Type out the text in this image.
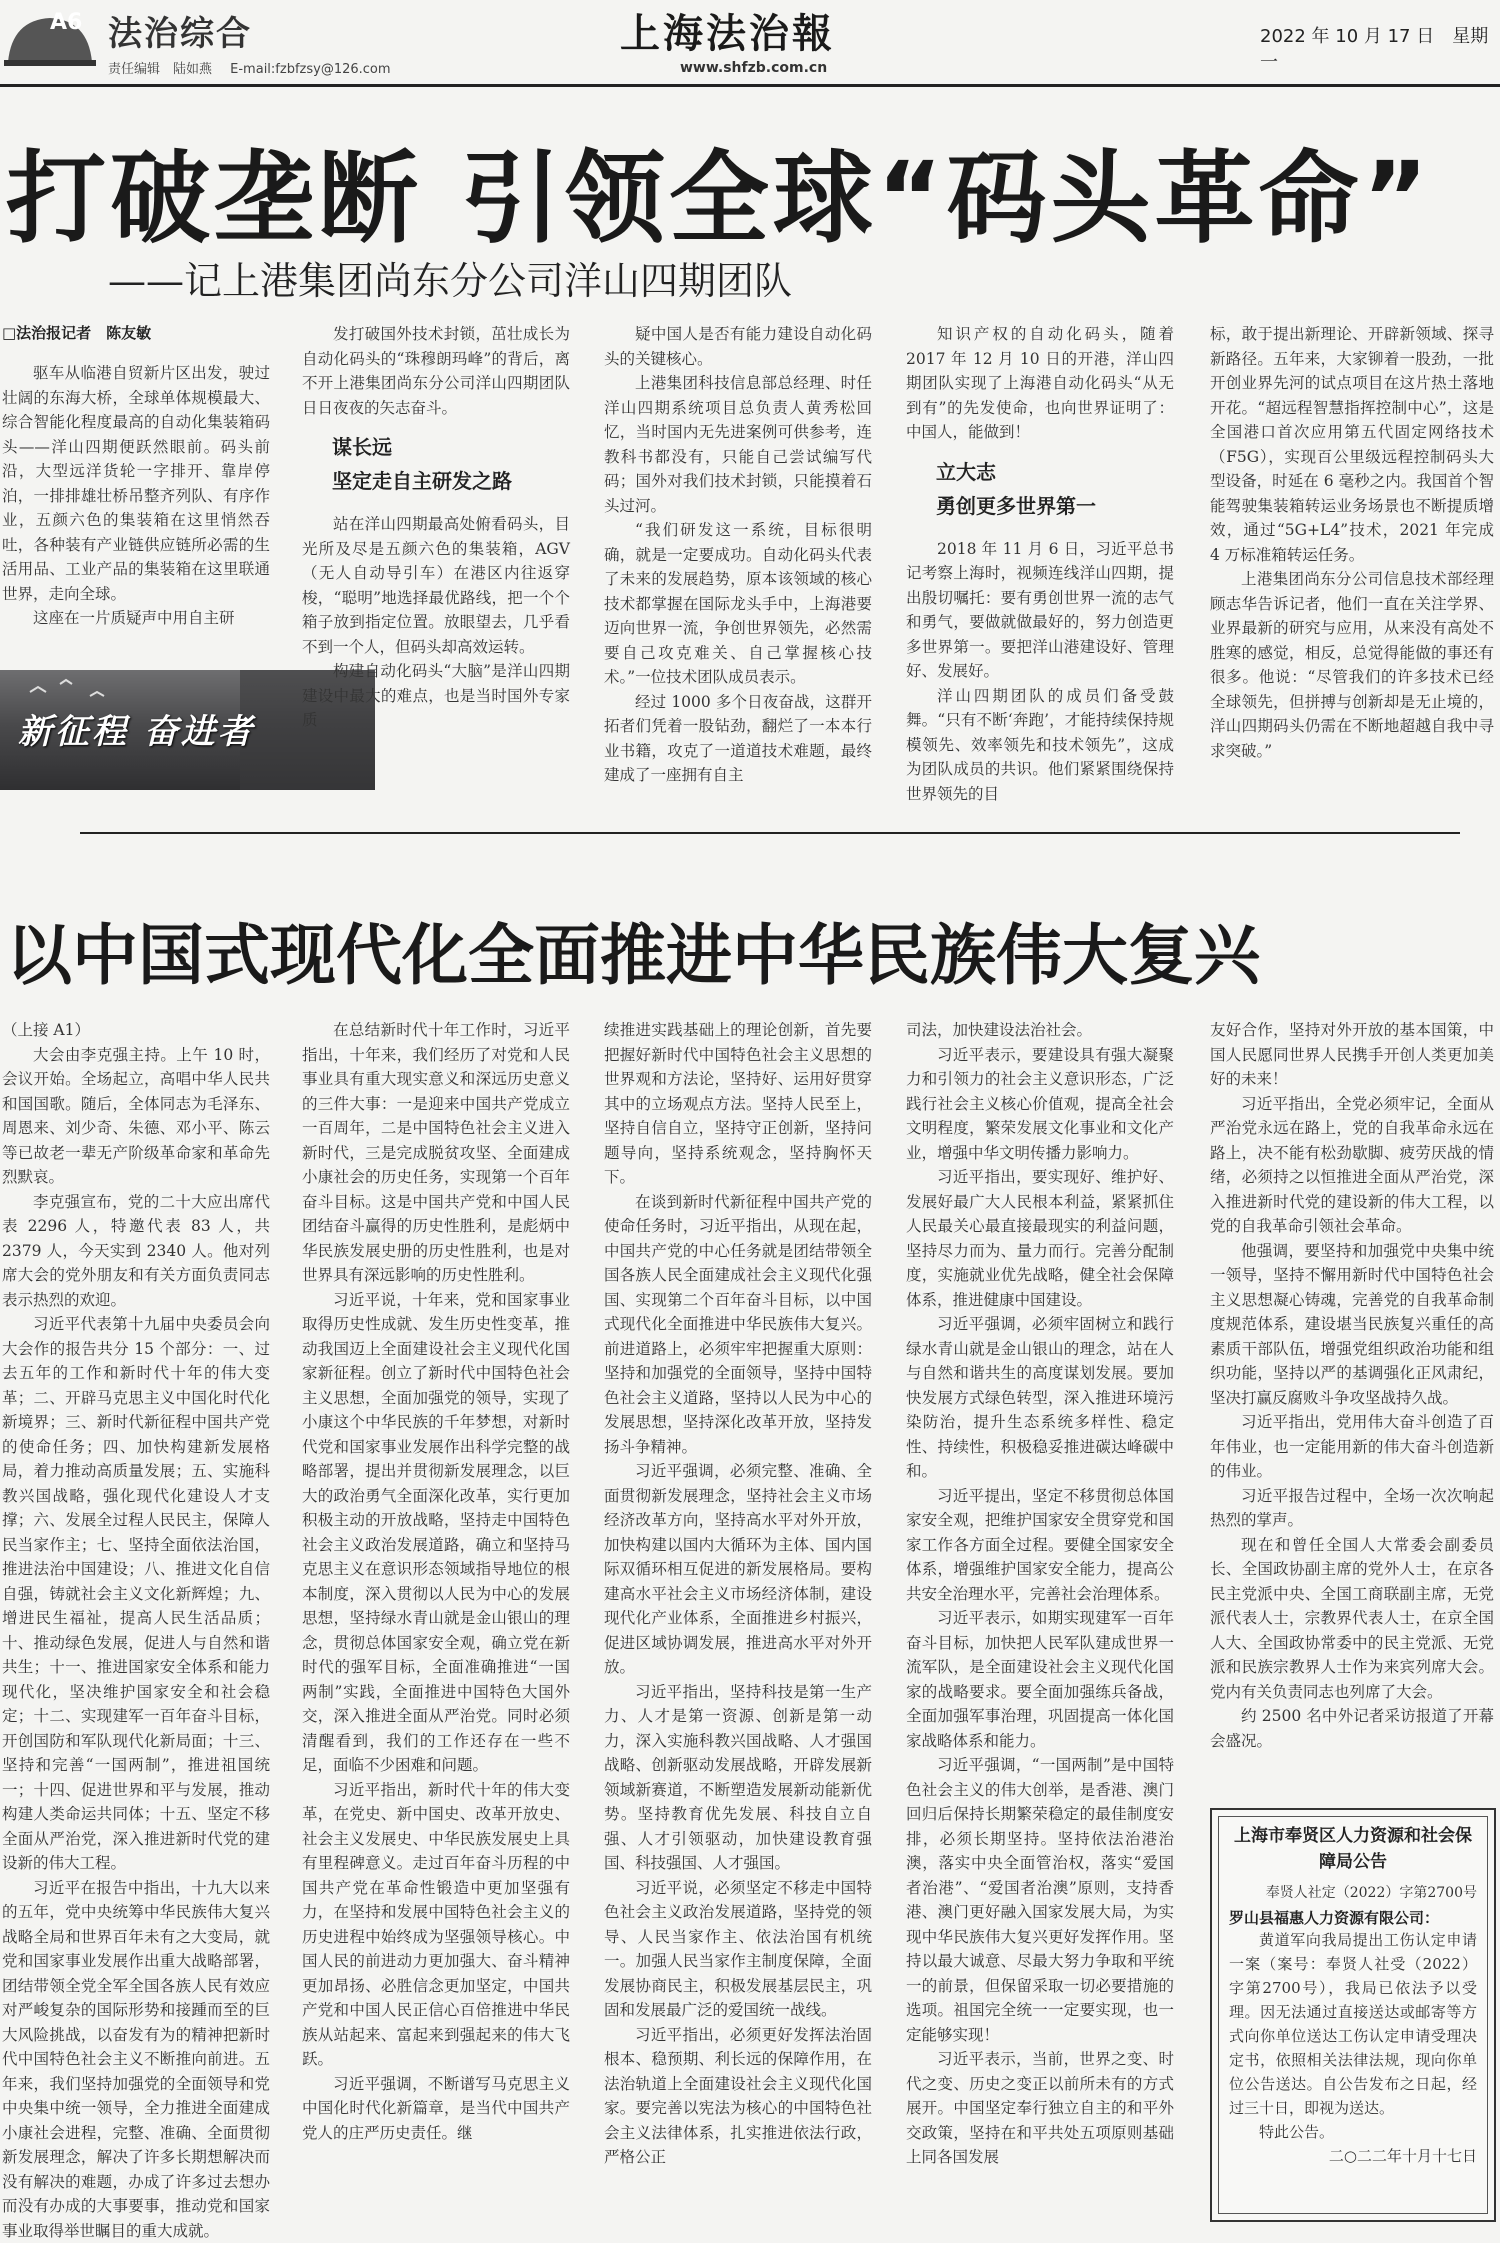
A6 法治综合
责任编辑　陆如燕 E-mail:fzbfzsy@126.com
上海法治報
www.shfzb.com.cn
2022 年 10 月 17 日　星期一
打破垄断 引领全球“码头革命”
——记上港集团尚东分公司洋山四期团队

□法治报记者　陈友敏

驱车从临港自贸新片区出发，驶过壮阔的东海大桥，全球单体规模最大、综合智能化程度最高的自动化集装箱码头——洋山四期便跃然眼前。码头前沿，大型远洋货轮一字排开、靠岸停泊，一排排雄壮桥吊整齐列队、有序作业，五颜六色的集装箱在这里悄然吞吐，各种装有产业链供应链所必需的生活用品、工业产品的集装箱在这里联通世界，走向全球。

这座在一片质疑声中用自主研

新征程 奋进者

发打破国外技术封锁，茁壮成长为自动化码头的“珠穆朗玛峰”的背后，离不开上港集团尚东分公司洋山四期团队日日夜夜的矢志奋斗。

谋长远
坚定走自主研发之路

站在洋山四期最高处俯看码头，目光所及尽是五颜六色的集装箱，AGV（无人自动导引车）在港区内往返穿梭，“聪明”地选择最优路线，把一个个箱子放到指定位置。放眼望去，几乎看不到一个人，但码头却高效运转。

构建自动化码头“大脑”是洋山四期建设中最大的难点，也是当时国外专家质

疑中国人是否有能力建设自动化码头的关键核心。

上港集团科技信息部总经理、时任洋山四期系统项目总负责人黄秀松回忆，当时国内无先进案例可供参考，连教科书都没有，只能自己尝试编写代码；国外对我们技术封锁，只能摸着石头过河。

“我们研发这一系统，目标很明确，就是一定要成功。自动化码头代表了未来的发展趋势，原本该领域的核心技术都掌握在国际龙头手中，上海港要迈向世界一流，争创世界领先，必然需要自己攻克难关、自己掌握核心技术。”一位技术团队成员表示。

经过 1000 多个日夜奋战，这群开拓者们凭着一股钻劲，翻烂了一本本行业书籍，攻克了一道道技术难题，最终建成了一座拥有自主

知识产权的自动化码头，随着 2017 年 12 月 10 日的开港，洋山四期团队实现了上海港自动化码头“从无到有”的先发使命，也向世界证明了：中国人，能做到！

立大志
勇创更多世界第一

2018 年 11 月 6 日，习近平总书记考察上海时，视频连线洋山四期，提出殷切嘱托：要有勇创世界一流的志气和勇气，要做就做最好的，努力创造更多世界第一。要把洋山港建设好、管理好、发展好。

洋山四期团队的成员们备受鼓舞。“只有不断‘奔跑’，才能持续保持规模领先、效率领先和技术领先”，这成为团队成员的共识。他们紧紧围绕保持世界领先的目

标，敢于提出新理论、开辟新领域、探寻新路径。五年来，大家铆着一股劲，一批开创业界先河的试点项目在这片热土落地开花。“超远程智慧指挥控制中心”，这是全国港口首次应用第五代固定网络技术（F5G），实现百公里级远程控制码头大型设备，时延在 6 毫秒之内。我国首个智能驾驶集装箱转运业务场景也不断提质增效，通过“5G+L4”技术，2021 年完成 4 万标准箱转运任务。

上港集团尚东分公司信息技术部经理顾志华告诉记者，他们一直在关注学界、业界最新的研究与应用，从来没有高处不胜寒的感觉，相反，总觉得能做的事还有很多。他说：“尽管我们的许多技术已经全球领先，但拼搏与创新却是无止境的，洋山四期码头仍需在不断地超越自我中寻求突破。”

以中国式现代化全面推进中华民族伟大复兴

（上接 A1）

大会由李克强主持。上午 10 时，会议开始。全场起立，高唱中华人民共和国国歌。随后，全体同志为毛泽东、周恩来、刘少奇、朱德、邓小平、陈云等已故老一辈无产阶级革命家和革命先烈默哀。

李克强宣布，党的二十大应出席代表 2296 人，特邀代表 83 人，共 2379 人，今天实到 2340 人。他对列席大会的党外朋友和有关方面负责同志表示热烈的欢迎。

习近平代表第十九届中央委员会向大会作的报告共分 15 个部分：一、过去五年的工作和新时代十年的伟大变革；二、开辟马克思主义中国化时代化新境界；三、新时代新征程中国共产党的使命任务；四、加快构建新发展格局，着力推动高质量发展；五、实施科教兴国战略，强化现代化建设人才支撑；六、发展全过程人民民主，保障人民当家作主；七、坚持全面依法治国，推进法治中国建设；八、推进文化自信自强，铸就社会主义文化新辉煌；九、增进民生福祉，提高人民生活品质；十、推动绿色发展，促进人与自然和谐共生；十一、推进国家安全体系和能力现代化，坚决维护国家安全和社会稳定；十二、实现建军一百年奋斗目标，开创国防和军队现代化新局面；十三、坚持和完善“一国两制”，推进祖国统一；十四、促进世界和平与发展，推动构建人类命运共同体；十五、坚定不移全面从严治党，深入推进新时代党的建设新的伟大工程。

习近平在报告中指出，十九大以来的五年，党中央统筹中华民族伟大复兴战略全局和世界百年未有之大变局，就党和国家事业发展作出重大战略部署，团结带领全党全军全国各族人民有效应对严峻复杂的国际形势和接踵而至的巨大风险挑战，以奋发有为的精神把新时代中国特色社会主义不断推向前进。五年来，我们坚持加强党的全面领导和党中央集中统一领导，全力推进全面建成小康社会进程，完整、准确、全面贯彻新发展理念，解决了许多长期想解决而没有解决的难题，办成了许多过去想办而没有办成的大事要事，推动党和国家事业取得举世瞩目的重大成就。

在总结新时代十年工作时，习近平指出，十年来，我们经历了对党和人民事业具有重大现实意义和深远历史意义的三件大事：一是迎来中国共产党成立一百周年，二是中国特色社会主义进入新时代，三是完成脱贫攻坚、全面建成小康社会的历史任务，实现第一个百年奋斗目标。这是中国共产党和中国人民团结奋斗赢得的历史性胜利，是彪炳中华民族发展史册的历史性胜利，也是对世界具有深远影响的历史性胜利。

习近平说，十年来，党和国家事业取得历史性成就、发生历史性变革，推动我国迈上全面建设社会主义现代化国家新征程。创立了新时代中国特色社会主义思想，全面加强党的领导，实现了小康这个中华民族的千年梦想，对新时代党和国家事业发展作出科学完整的战略部署，提出并贯彻新发展理念，以巨大的政治勇气全面深化改革，实行更加积极主动的开放战略，坚持走中国特色社会主义政治发展道路，确立和坚持马克思主义在意识形态领域指导地位的根本制度，深入贯彻以人民为中心的发展思想，坚持绿水青山就是金山银山的理念，贯彻总体国家安全观，确立党在新时代的强军目标，全面准确推进“一国两制”实践，全面推进中国特色大国外交，深入推进全面从严治党。同时必须清醒看到，我们的工作还存在一些不足，面临不少困难和问题。

习近平指出，新时代十年的伟大变革，在党史、新中国史、改革开放史、社会主义发展史、中华民族发展史上具有里程碑意义。走过百年奋斗历程的中国共产党在革命性锻造中更加坚强有力，在坚持和发展中国特色社会主义的历史进程中始终成为坚强领导核心。中国人民的前进动力更加强大、奋斗精神更加昂扬、必胜信念更加坚定，中国共产党和中国人民正信心百倍推进中华民族从站起来、富起来到强起来的伟大飞跃。

习近平强调，不断谱写马克思主义中国化时代化新篇章，是当代中国共产党人的庄严历史责任。继

续推进实践基础上的理论创新，首先要把握好新时代中国特色社会主义思想的世界观和方法论，坚持好、运用好贯穿其中的立场观点方法。坚持人民至上，坚持自信自立，坚持守正创新，坚持问题导向，坚持系统观念，坚持胸怀天下。

在谈到新时代新征程中国共产党的使命任务时，习近平指出，从现在起，中国共产党的中心任务就是团结带领全国各族人民全面建成社会主义现代化强国、实现第二个百年奋斗目标，以中国式现代化全面推进中华民族伟大复兴。前进道路上，必须牢牢把握重大原则：坚持和加强党的全面领导，坚持中国特色社会主义道路，坚持以人民为中心的发展思想，坚持深化改革开放，坚持发扬斗争精神。

习近平强调，必须完整、准确、全面贯彻新发展理念，坚持社会主义市场经济改革方向，坚持高水平对外开放，加快构建以国内大循环为主体、国内国际双循环相互促进的新发展格局。要构建高水平社会主义市场经济体制，建设现代化产业体系，全面推进乡村振兴，促进区域协调发展，推进高水平对外开放。

习近平指出，坚持科技是第一生产力、人才是第一资源、创新是第一动力，深入实施科教兴国战略、人才强国战略、创新驱动发展战略，开辟发展新领域新赛道，不断塑造发展新动能新优势。坚持教育优先发展、科技自立自强、人才引领驱动，加快建设教育强国、科技强国、人才强国。

习近平说，必须坚定不移走中国特色社会主义政治发展道路，坚持党的领导、人民当家作主、依法治国有机统一。加强人民当家作主制度保障，全面发展协商民主，积极发展基层民主，巩固和发展最广泛的爱国统一战线。

习近平指出，必须更好发挥法治固根本、稳预期、利长远的保障作用，在法治轨道上全面建设社会主义现代化国家。要完善以宪法为核心的中国特色社会主义法律体系，扎实推进依法行政，严格公正

司法，加快建设法治社会。

习近平表示，要建设具有强大凝聚力和引领力的社会主义意识形态，广泛践行社会主义核心价值观，提高全社会文明程度，繁荣发展文化事业和文化产业，增强中华文明传播力影响力。

习近平指出，要实现好、维护好、发展好最广大人民根本利益，紧紧抓住人民最关心最直接最现实的利益问题，坚持尽力而为、量力而行。完善分配制度，实施就业优先战略，健全社会保障体系，推进健康中国建设。

习近平强调，必须牢固树立和践行绿水青山就是金山银山的理念，站在人与自然和谐共生的高度谋划发展。要加快发展方式绿色转型，深入推进环境污染防治，提升生态系统多样性、稳定性、持续性，积极稳妥推进碳达峰碳中和。

习近平提出，坚定不移贯彻总体国家安全观，把维护国家安全贯穿党和国家工作各方面全过程。要健全国家安全体系，增强维护国家安全能力，提高公共安全治理水平，完善社会治理体系。

习近平表示，如期实现建军一百年奋斗目标，加快把人民军队建成世界一流军队，是全面建设社会主义现代化国家的战略要求。要全面加强练兵备战，全面加强军事治理，巩固提高一体化国家战略体系和能力。

习近平强调，“一国两制”是中国特色社会主义的伟大创举，是香港、澳门回归后保持长期繁荣稳定的最佳制度安排，必须长期坚持。坚持依法治港治澳，落实中央全面管治权，落实“爱国者治港”、“爱国者治澳”原则，支持香港、澳门更好融入国家发展大局，为实现中华民族伟大复兴更好发挥作用。坚持以最大诚意、尽最大努力争取和平统一的前景，但保留采取一切必要措施的选项。祖国完全统一一定要实现，也一定能够实现！

习近平表示，当前，世界之变、时代之变、历史之变正以前所未有的方式展开。中国坚定奉行独立自主的和平外交政策，坚持在和平共处五项原则基础上同各国发展

友好合作，坚持对外开放的基本国策，中国人民愿同世界人民携手开创人类更加美好的未来！

习近平指出，全党必须牢记，全面从严治党永远在路上，党的自我革命永远在路上，决不能有松劲歇脚、疲劳厌战的情绪，必须持之以恒推进全面从严治党，深入推进新时代党的建设新的伟大工程，以党的自我革命引领社会革命。

他强调，要坚持和加强党中央集中统一领导，坚持不懈用新时代中国特色社会主义思想凝心铸魂，完善党的自我革命制度规范体系，建设堪当民族复兴重任的高素质干部队伍，增强党组织政治功能和组织功能，坚持以严的基调强化正风肃纪，坚决打赢反腐败斗争攻坚战持久战。

习近平指出，党用伟大奋斗创造了百年伟业，也一定能用新的伟大奋斗创造新的伟业。

习近平报告过程中，全场一次次响起热烈的掌声。

现在和曾任全国人大常委会副委员长、全国政协副主席的党外人士，在京各民主党派中央、全国工商联副主席，无党派代表人士，宗教界代表人士，在京全国人大、全国政协常委中的民主党派、无党派和民族宗教界人士作为来宾列席大会。党内有关负责同志也列席了大会。

约 2500 名中外记者采访报道了开幕会盛况。

上海市奉贤区人力资源和社会保障局公告
奉贤人社定（2022）字第2700号
罗山县福惠人力资源有限公司：
黄道军向我局提出工伤认定申请一案（案号：奉贤人社受（2022）字第2700号），我局已依法予以受理。因无法通过直接送达或邮寄等方式向你单位送达工伤认定申请受理决定书，依照相关法律法规，现向你单位公告送达。自公告发布之日起，经过三十日，即视为送达。
特此公告。
二○二二年十月十七日
